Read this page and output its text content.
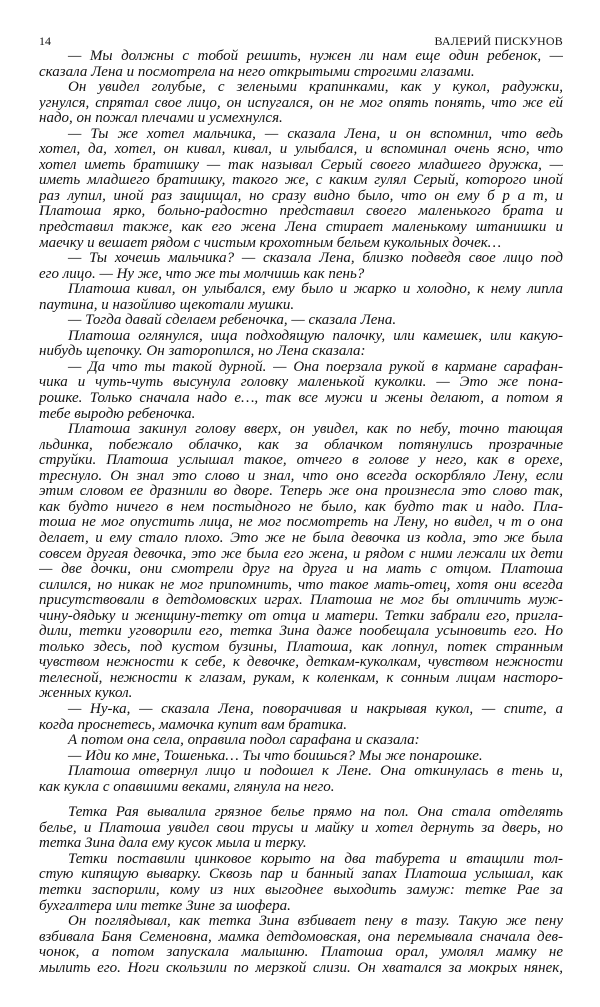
14	ВАЛЕРИЙ ПИСКУНОВ
— Мы должны с тобой решить, нужен ли нам еще один ребенок, —
сказала Лена и посмотрела на него открытыми строгими глазами.
Он увидел голубые, с зелеными крапинками, как у кукол, радужки,
угнулся, спрятал свое лицо, он испугался, он не мог опять понять, что же ей
надо, он пожал плечами и усмехнулся.
— Ты же хотел мальчика, — сказала Лена, и он вспомнил, что ведь
хотел, да, хотел, он кивал, кивал, и улыбался, и вспоминал очень ясно, что
хотел иметь братишку — так называл Серый своего младшего дружка, —
иметь младшего братишку, такого же, с каким гулял Серый, которого иной
раз лупил, иной раз защищал, но сразу видно было, что он ему б р а т, и
Платоша ярко, больно-радостно представил своего маленького брата и
представил также, как его жена Лена стирает маленькому штанишки и
маечку и вешает рядом с чистым крохотным бельем кукольных дочек…
— Ты хочешь мальчика? — сказала Лена, близко подведя свое лицо под
его лицо. — Ну же, что же ты молчишь как пень?
Платоша кивал, он улыбался, ему было и жарко и холодно, к нему липла
паутина, и назойливо щекотали мушки.
— Тогда давай сделаем ребеночка, — сказала Лена.
Платоша оглянулся, ища подходящую палочку, или камешек, или какую-
нибудь щепочку. Он заторопился, но Лена сказала:
— Да что ты такой дурной. — Она поерзала рукой в кармане сарафан-
чика и чуть-чуть высунула головку маленькой куколки. — Это же пона-
рошке. Только сначала надо е…, так все мужи и жены делают, а потом я
тебе выродю ребеночка.
Платоша закинул голову вверх, он увидел, как по небу, точно тающая
льдинка, побежало облачко, как за облачком потянулись прозрачные
струйки. Платоша услышал такое, отчего в голове у него, как в орехе,
треснуло. Он знал это слово и знал, что оно всегда оскорбляло Лену, если
этим словом ее дразнили во дворе. Теперь же она произнесла это слово так,
как будто ничего в нем постыдного не было, как будто так и надо. Пла-
тоша не мог опустить лица, не мог посмотреть на Лену, но видел, ч т о она
делает, и ему стало плохо. Это же не была девочка из кодла, это же была
совсем другая девочка, это же была его жена, и рядом с ними лежали их дети
— две дочки, они смотрели друг на друга и на мать с отцом. Платоша
силился, но никак не мог припомнить, что такое мать-отец, хотя они всегда
присутствовали в детдомовских играх. Платоша не мог бы отличить муж-
чину-дядьку и женщину-тетку от отца и матери. Тетки забрали его, пригла-
дили, тетки уговорили его, тетка Зина даже пообещала усыновить его. Но
только здесь, под кустом бузины, Платоша, как лопнул, потек странным
чувством нежности к себе, к девочке, деткам-куколкам, чувством нежности
телесной, нежности к глазам, рукам, к коленкам, к сонным лицам насторо-
женных кукол.
— Ну-ка, — сказала Лена, поворачивая и накрывая кукол, — спите, а
когда проснетесь, мамочка купит вам братика.
А потом она села, оправила подол сарафана и сказала:
— Иди ко мне, Тошенька… Ты что боишься? Мы же понарошке.
Платоша отвернул лицо и подошел к Лене. Она откинулась в тень и,
как кукла с опавшими веками, глянула на него.
Тетка Рая вывалила грязное белье прямо на пол. Она стала отделять
белье, и Платоша увидел свои трусы и майку и хотел дернуть за дверь, но
тетка Зина дала ему кусок мыла и терку.
Тетки поставили цинковое корыто на два табурета и втащили тол-
стую кипящую выварку. Сквозь пар и банный запах Платоша услышал, как
тетки заспорили, кому из них выгоднее выходить замуж: тетке Рае за
бухгалтера или тетке Зине за шофера.
Он поглядывал, как тетка Зина взбивает пену в тазу. Такую же пену
взбивала Баня Семеновна, мамка детдомовская, она перемывала сначала дев-
чонок, а потом запускала малышню. Платоша орал, умолял мамку не
мылить его. Ноги скользили по мерзкой слизи. Он хватался за мокрых нянек,
